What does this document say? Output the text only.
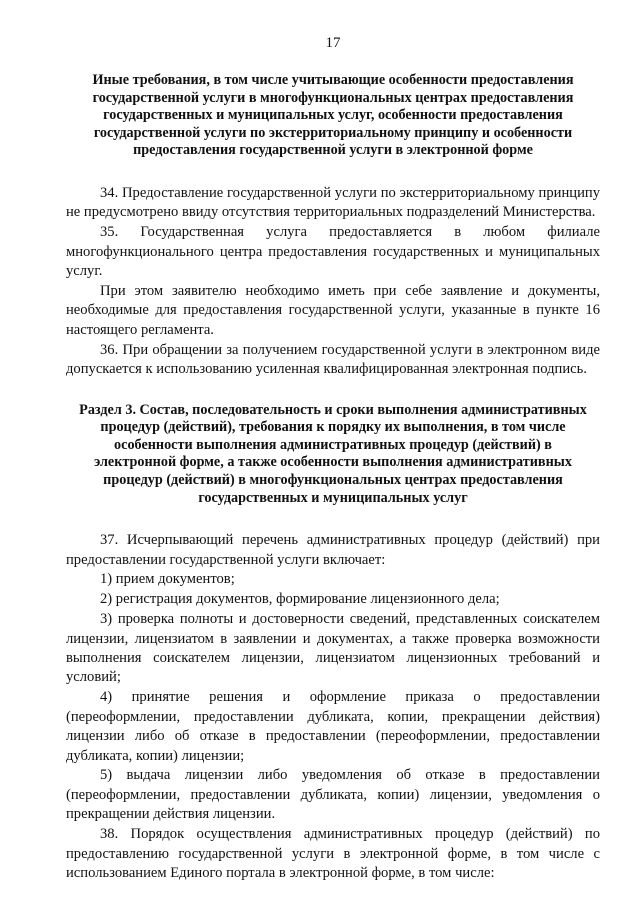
17

Иные требования, в том числе учитывающие особенности предоставления государственной услуги в многофункциональных центрах предоставления государственных и муниципальных услуг, особенности предоставления государственной услуги по экстерриториальному принципу и особенности предоставления государственной услуги в электронной форме

34. Предоставление государственной услуги по экстерриториальному принципу не предусмотрено ввиду отсутствия территориальных подразделений Министерства.

35. Государственная услуга предоставляется в любом филиале многофункционального центра предоставления государственных и муниципальных услуг.

При этом заявителю необходимо иметь при себе заявление и документы, необходимые для предоставления государственной услуги, указанные в пункте 16 настоящего регламента.

36. При обращении за получением государственной услуги в электронном виде допускается к использованию усиленная квалифицированная электронная подпись.

Раздел 3. Состав, последовательность и сроки выполнения административных процедур (действий), требования к порядку их выполнения, в том числе особенности выполнения административных процедур (действий) в электронной форме, а также особенности выполнения административных процедур (действий) в многофункциональных центрах предоставления государственных и муниципальных услуг

37. Исчерпывающий перечень административных процедур (действий) при предоставлении государственной услуги включает:

1) прием документов;

2) регистрация документов, формирование лицензионного дела;

3) проверка полноты и достоверности сведений, представленных соискателем лицензии, лицензиатом в заявлении и документах, а также проверка возможности выполнения соискателем лицензии, лицензиатом лицензионных требований и условий;

4) принятие решения и оформление приказа о предоставлении (переоформлении, предоставлении дубликата, копии, прекращении действия) лицензии либо об отказе в предоставлении (переоформлении, предоставлении дубликата, копии) лицензии;

5) выдача лицензии либо уведомления об отказе в предоставлении (переоформлении, предоставлении дубликата, копии) лицензии, уведомления о прекращении действия лицензии.

38. Порядок осуществления административных процедур (действий) по предоставлению государственной услуги в электронной форме, в том числе с использованием Единого портала в электронной форме, в том числе:
